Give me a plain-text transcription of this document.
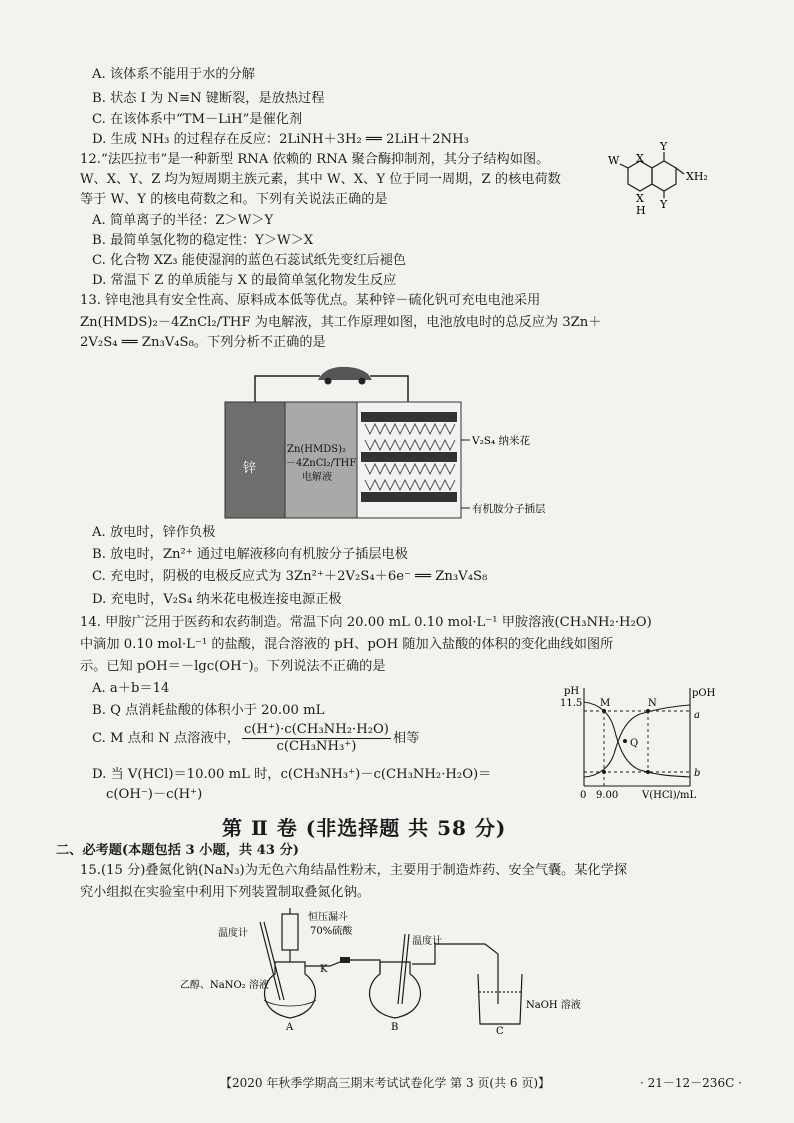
A. 该体系不能用于水的分解
B. 状态 Ⅰ 为 N≡N 键断裂，是放热过程
C. 在该体系中“TM－LiH”是催化剂
D. 生成 NH₃ 的过程存在反应：2LiNH＋3H₂ ══ 2LiH＋2NH₃
12.“法匹拉韦”是一种新型 RNA 依赖的 RNA 聚合酶抑制剂，其分子结构如图。
W、X、Y、Z 均为短周期主族元素，其中 W、X、Y 位于同一周期，Z 的核电荷数
等于 W、Y 的核电荷数之和。下列有关说法正确的是
A. 简单离子的半径：Z＞W＞Y
B. 最简单氢化物的稳定性：Y＞W＞X
C. 化合物 XZ₃ 能使湿润的蓝色石蕊试纸先变红后褪色
D. 常温下 Z 的单质能与 X 的最简单氢化物发生反应
W X
Y
XH₂
X
H Y
13. 锌电池具有安全性高、原料成本低等优点。某种锌－硫化钒可充电电池采用
Zn(HMDS)₂－4ZnCl₂/THF 为电解液，其工作原理如图，电池放电时的总反应为 3Zn＋
2V₂S₄ ══ Zn₃V₄S₈。下列分析不正确的是
锌
Zn(HMDS)₂
－4ZnCl₂/THF
电解液
V₂S₄ 纳米花
有机胺分子插层
A. 放电时，锌作负极
B. 放电时，Zn²⁺ 通过电解液移向有机胺分子插层电极
C. 充电时，阴极的电极反应式为 3Zn²⁺＋2V₂S₄＋6e⁻ ══ Zn₃V₄S₈
D. 充电时，V₂S₄ 纳米花电极连接电源正极
14. 甲胺广泛用于医药和农药制造。常温下向 20.00 mL 0.10 mol·L⁻¹ 甲胺溶液(CH₃NH₂·H₂O)
中滴加 0.10 mol·L⁻¹ 的盐酸，混合溶液的 pH、pOH 随加入盐酸的体积的变化曲线如图所
示。已知 pOH＝－lgc(OH⁻)。下列说法不正确的是
A. a＋b＝14
B. Q 点消耗盐酸的体积小于 20.00 mL
C. M 点和 N 点溶液中， $\frac{\text{c(H⁺)·c(CH₃NH₂·H₂O)}}{\text{c(CH₃NH₃⁺)}}$ 相等
D. 当 V(HCl)＝10.00 mL 时，c(CH₃NH₃⁺)－c(CH₃NH₂·H₂O)＝
c(OH⁻)－c(H⁺)
pH	pOH
11.5 M	N
Q
a
b
0 9.00 V(HCl)/mL
第 Ⅱ 卷 (非选择题 共 58 分)
二、必考题(本题包括 3 小题，共 43 分)
15.(15 分)叠氮化钠(NaN₃)为无色六角结晶性粉末，主要用于制造炸药、安全气囊。某化学探
究小组拟在实验室中利用下列装置制取叠氮化钠。
恒压漏斗
70%硫酸
温度计
温度计
K
乙醇、NaNO₂ 溶液
NaOH 溶液
A	B	C
【2020 年秋季学期高三期末考试试卷化学 第 3 页(共 6 页)】	· 21－12－236C ·
